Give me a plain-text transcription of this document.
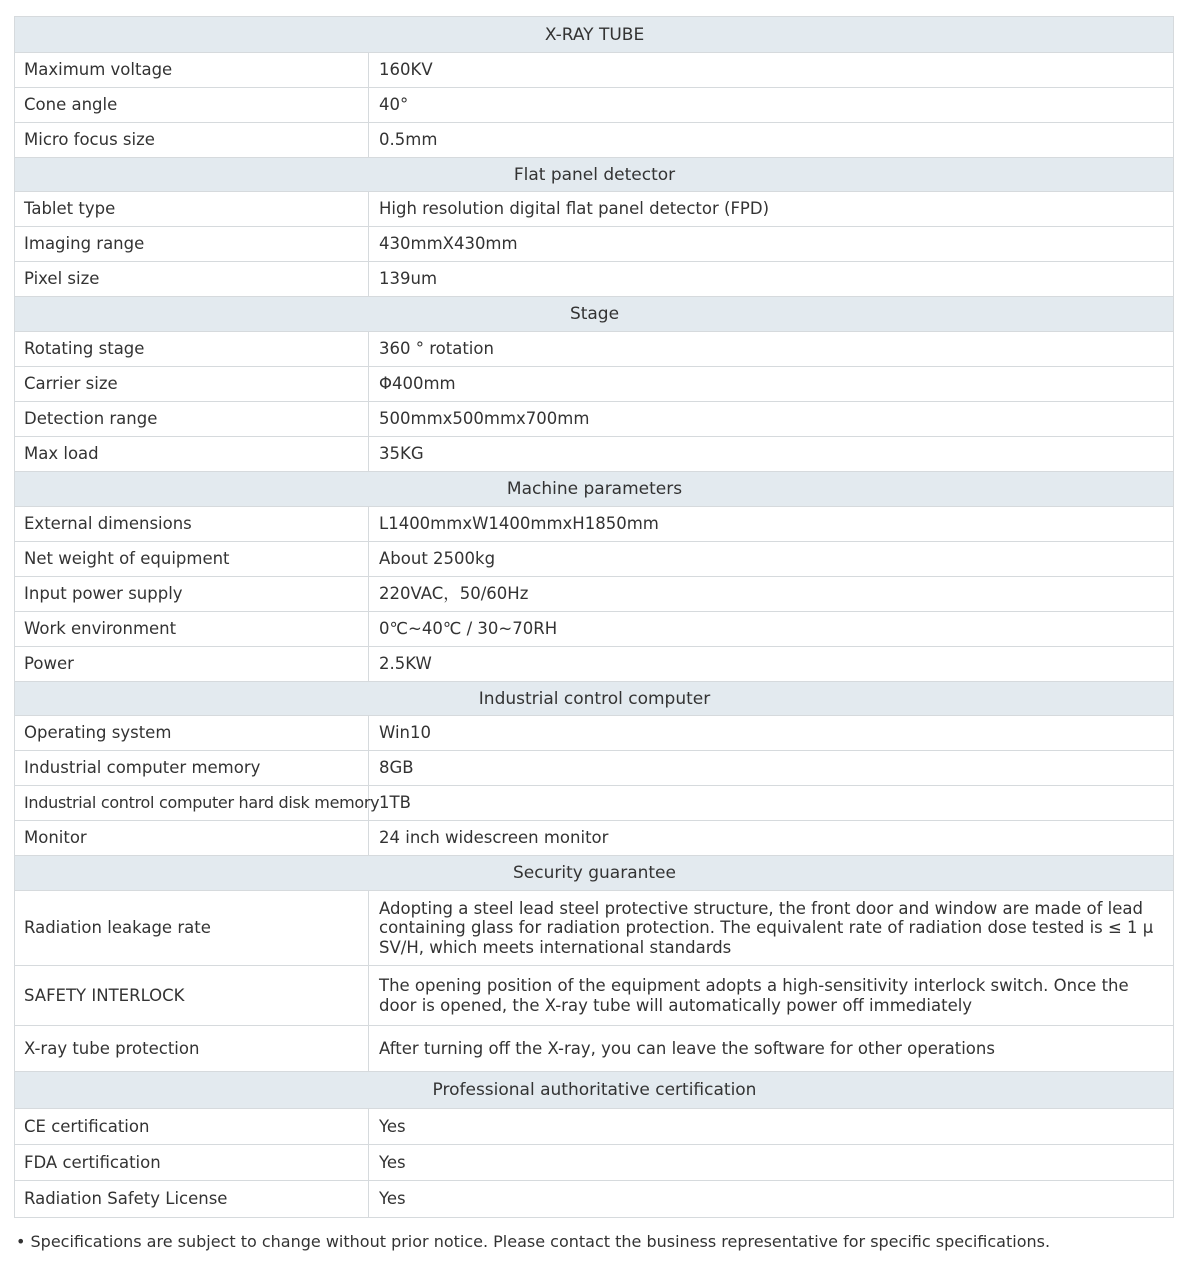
X-RAY TUBE	
Maximum voltage	160KV
Cone angle	40°
Micro focus size	0.5mm
Flat panel detector	
Tablet type	High resolution digital flat panel detector (FPD)
Imaging range	430mmX430mm
Pixel size	139um
Stage	
Rotating stage	360 ° rotation
Carrier size	Φ400mm
Detection range	500mmx500mmx700mm
Max load	35KG
Machine parameters	
External dimensions	L1400mmxW1400mmxH1850mm
Net weight of equipment	About 2500kg
Input power supply	220VAC，50/60Hz
Work environment	0℃~40℃ / 30~70RH
Power	2.5KW
Industrial control computer	
Operating system	Win10
Industrial computer memory	8GB
Industrial control computer hard disk memory	1TB
Monitor	24 inch widescreen monitor
Security guarantee	
Radiation leakage rate	Adopting a steel lead steel protective structure, the front door and window are made of lead containing glass for radiation protection. The equivalent rate of radiation dose tested is ≤ 1 μ SV/H, which meets international standards
SAFETY INTERLOCK	The opening position of the equipment adopts a high-sensitivity interlock switch. Once the door is opened, the X-ray tube will automatically power off immediately
X-ray tube protection	After turning off the X-ray, you can leave the software for other operations
Professional authoritative certification	
CE certification	Yes
FDA certification	Yes
Radiation Safety License	Yes
• Specifications are subject to change without prior notice. Please contact the business representative for specific specifications.
